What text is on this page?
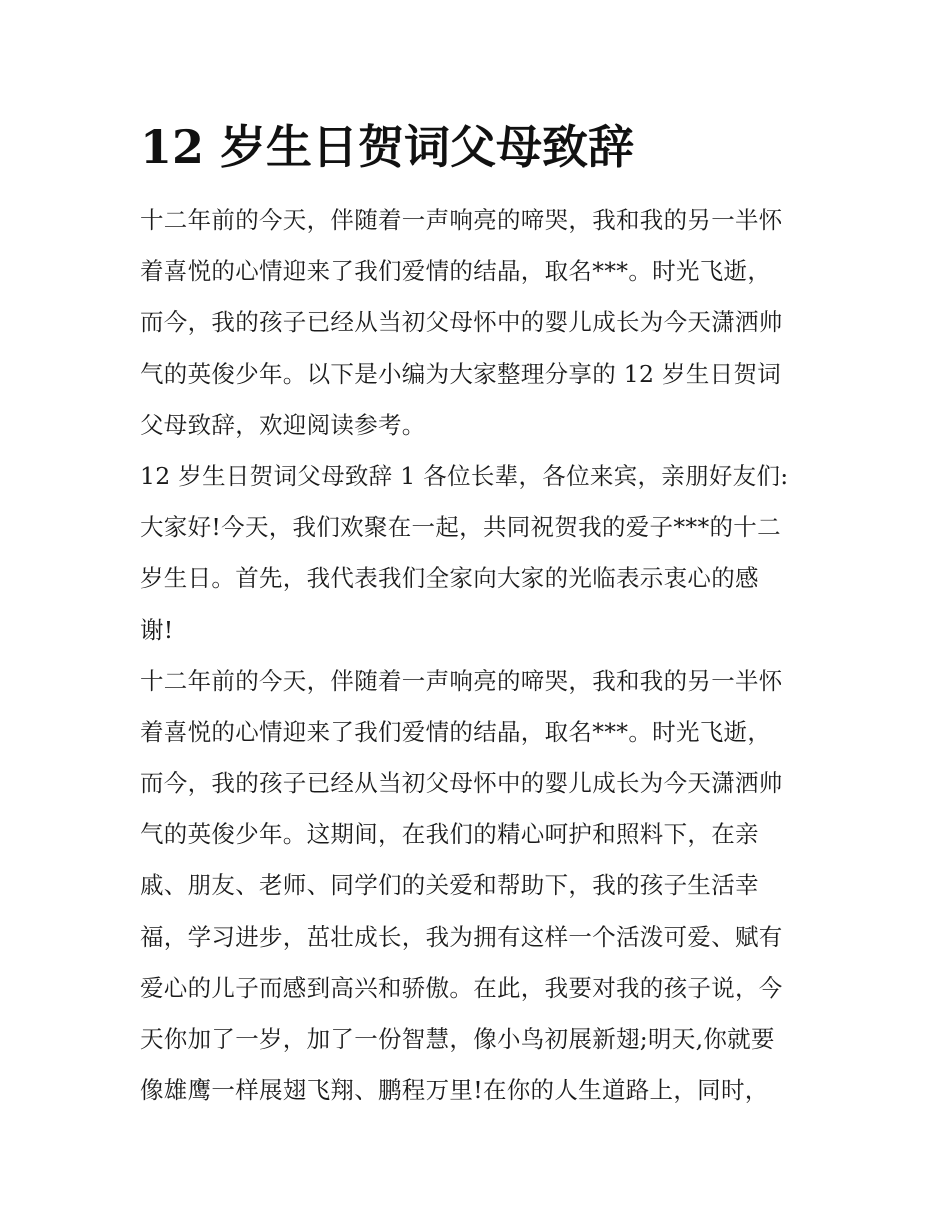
12 岁生日贺词父母致辞
十二年前的今天，伴随着一声响亮的啼哭，我和我的另一半怀
着喜悦的心情迎来了我们爱情的结晶，取名***。时光飞逝，
而今，我的孩子已经从当初父母怀中的婴儿成长为今天潇洒帅
气的英俊少年。以下是小编为大家整理分享的 12 岁生日贺词
父母致辞，欢迎阅读参考。
12 岁生日贺词父母致辞 1 各位长辈，各位来宾，亲朋好友们:
大家好!今天，我们欢聚在一起，共同祝贺我的爱子***的十二
岁生日。首先，我代表我们全家向大家的光临表示衷心的感
谢!
十二年前的今天，伴随着一声响亮的啼哭，我和我的另一半怀
着喜悦的心情迎来了我们爱情的结晶，取名***。时光飞逝，
而今，我的孩子已经从当初父母怀中的婴儿成长为今天潇洒帅
气的英俊少年。这期间，在我们的精心呵护和照料下，在亲
戚、朋友、老师、同学们的关爱和帮助下，我的孩子生活幸
福，学习进步，茁壮成长，我为拥有这样一个活泼可爱、赋有
爱心的儿子而感到高兴和骄傲。在此，我要对我的孩子说，今
天你加了一岁，加了一份智慧，像小鸟初展新翅;明天,你就要
像雄鹰一样展翅飞翔、鹏程万里!在你的人生道路上，同时，
